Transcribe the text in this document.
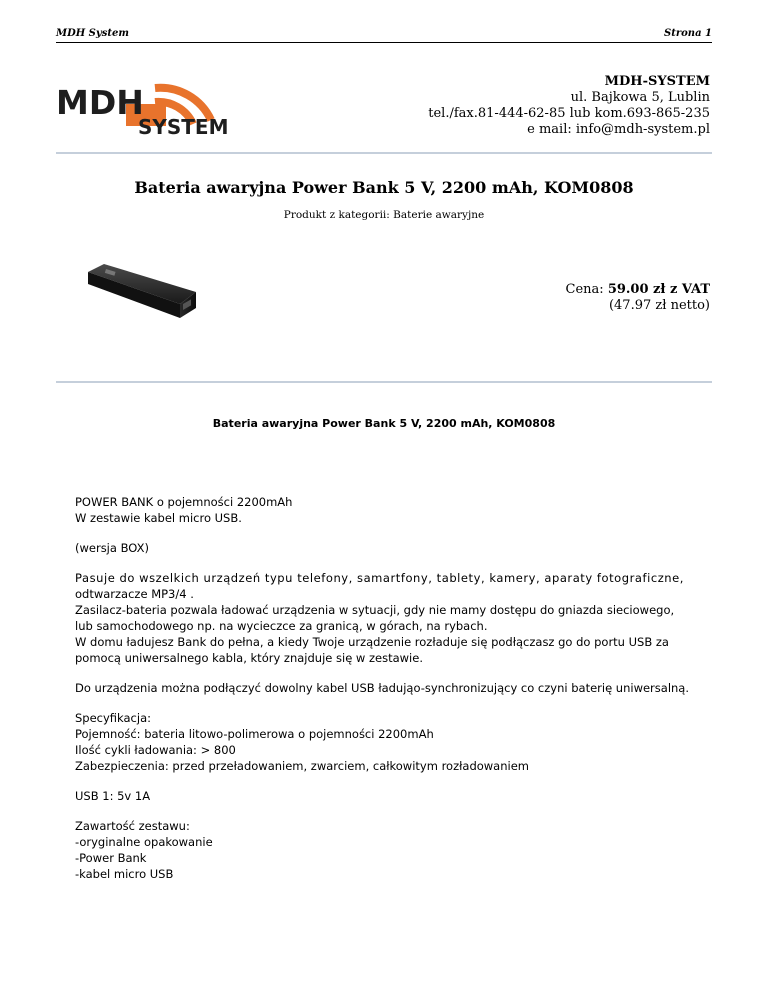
MDH System	Strona 1
MDH
SYSTEM
MDH-SYSTEM
ul. Bajkowa 5, Lublin
tel./fax.81-444-62-85 lub kom.693-865-235
e mail: info@mdh-system.pl
Bateria awaryjna Power Bank 5 V, 2200 mAh, KOM0808
Produkt z kategorii: Baterie awaryjne
Cena: 59.00 zł z VAT
(47.97 zł netto)
Bateria awaryjna Power Bank 5 V, 2200 mAh, KOM0808

POWER BANK o pojemności 2200mAh
W zestawie kabel micro USB.

(wersja BOX)

Pasuje do wszelkich urządzeń typu telefony, samartfony, tablety, kamery, aparaty fotograficzne,
odtwarzacze MP3/4 .
Zasilacz-bateria pozwala ładować urządzenia w sytuacji, gdy nie mamy dostępu do gniazda sieciowego,
lub samochodowego np. na wycieczce za granicą, w górach, na rybach.
W domu ładujesz Bank do pełna, a kiedy Twoje urządzenie rozładuje się podłączasz go do portu USB za
pomocą uniwersalnego kabla, który znajduje się w zestawie.

Do urządzenia można podłączyć dowolny kabel USB ładująo-synchronizujący co czyni baterię uniwersalną.

Specyfikacja:
Pojemność: bateria litowo-polimerowa o pojemności 2200mAh
Ilość cykli ładowania: > 800
Zabezpieczenia: przed przeładowaniem, zwarciem, całkowitym rozładowaniem

USB 1: 5v 1A

Zawartość zestawu:
-oryginalne opakowanie
-Power Bank
-kabel micro USB
